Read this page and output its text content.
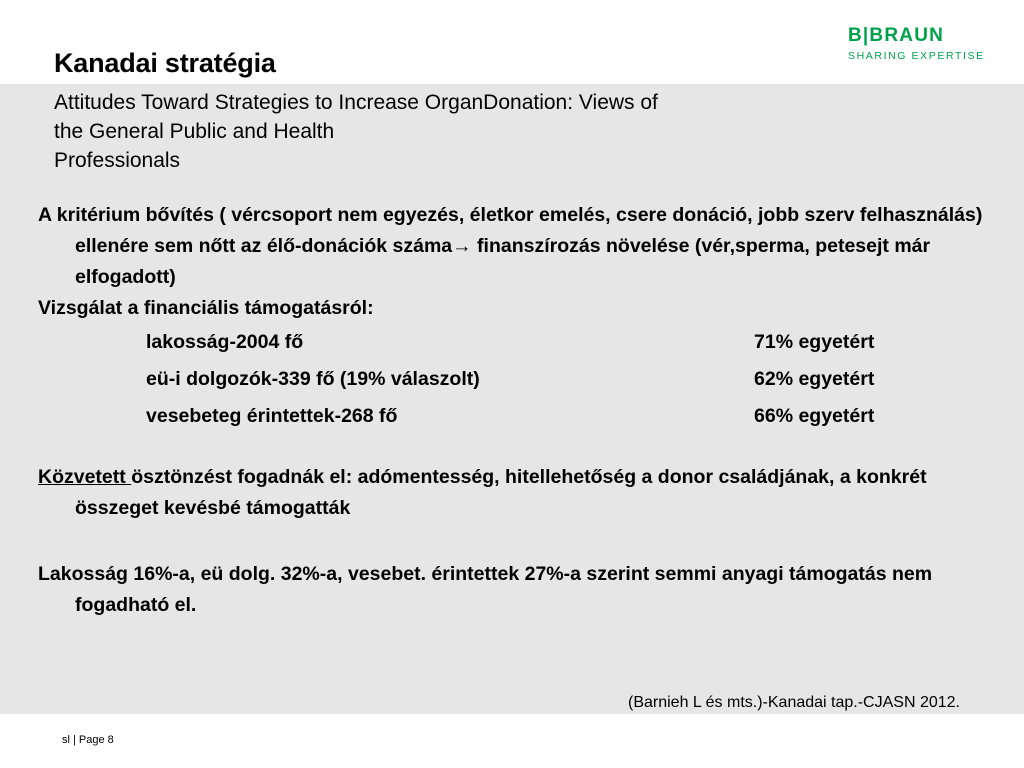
Kanadai stratégia
Attitudes Toward Strategies to Increase OrganDonation: Views of
the General Public and Health
Professionals
B|BRAUN
SHARING EXPERTISE

A kritérium bővítés ( vércsoport nem egyezés, életkor emelés, csere donáció, jobb szerv felhasználás) ellenére sem nőtt az élő-donációk száma→ finanszírozás növelése (vér,sperma, petesejt már elfogadott)

Vizsgálat a financiális támogatásról:

lakosság-2004 fő	71% egyetért
eü-i dolgozók-339 fő (19% válaszolt)	62% egyetért
vesebeteg érintettek-268 fő	66% egyetért

Közvetett ösztönzést fogadnák el: adómentesség, hitellehetőség a donor családjának, a konkrét összeget kevésbé támogatták

Lakosság 16%-a, eü dolg. 32%-a, vesebet. érintettek 27%-a szerint semmi anyagi támogatás nem fogadható el.

(Barnieh L és mts.)-Kanadai tap.-CJASN 2012.
sl | Page 8
